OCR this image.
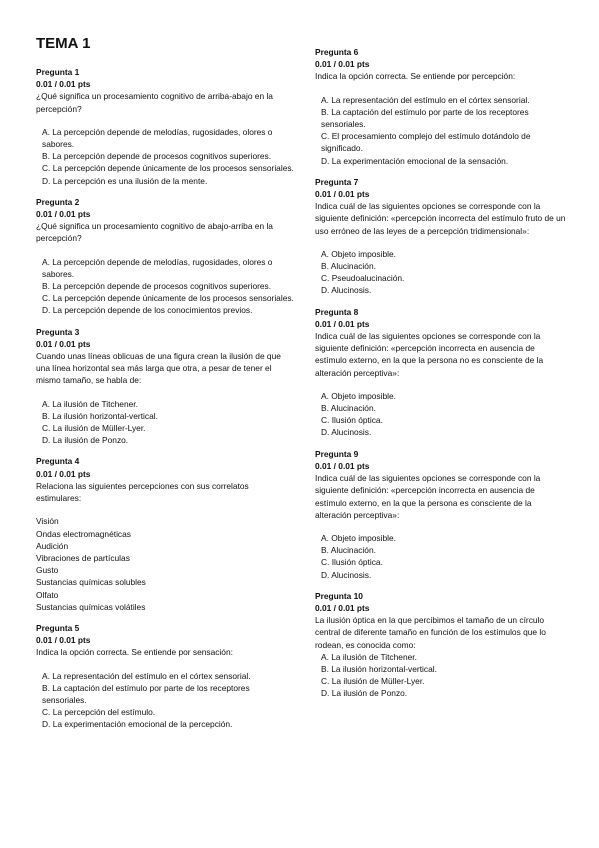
TEMA 1
Pregunta 1
0.01 / 0.01 pts
¿Qué significa un procesamiento cognitivo de arriba-abajo en la percepción?
A. La percepción depende de melodías, rugosidades, olores o sabores.
B. La percepción depende de procesos cognitivos superiores.
C. La percepción depende únicamente de los procesos sensoriales.
D. La percepción es una ilusión de la mente.
Pregunta 2
0.01 / 0.01 pts
¿Qué significa un procesamiento cognitivo de abajo-arriba en la percepción?
A. La percepción depende de melodías, rugosidades, olores o sabores.
B. La percepción depende de procesos cognitivos superiores.
C. La percepción depende únicamente de los procesos sensoriales.
D. La percepción depende de los conocimientos previos.
Pregunta 3
0.01 / 0.01 pts
Cuando unas líneas oblicuas de una figura crean la ilusión de que una línea horizontal sea más larga que otra, a pesar de tener el mismo tamaño, se habla de:
A. La ilusión de Titchener.
B. La ilusión horizontal-vertical.
C. La ilusión de Müller-Lyer.
D. La ilusión de Ponzo.
Pregunta 4
0.01 / 0.01 pts
Relaciona las siguientes percepciones con sus correlatos estimulares:
Visión
Ondas electromagnéticas
Audición
Vibraciones de partículas
Gusto
Sustancias químicas solubles
Olfato
Sustancias químicas volátiles
Pregunta 5
0.01 / 0.01 pts
Indica la opción correcta. Se entiende por sensación:
A. La representación del estímulo en el córtex sensorial.
B. La captación del estímulo por parte de los receptores sensoriales.
C. La percepción del estímulo.
D. La experimentación emocional de la percepción.
Pregunta 6
0.01 / 0.01 pts
Indica la opción correcta. Se entiende por percepción:
A. La representación del estímulo en el córtex sensorial.
B. La captación del estímulo por parte de los receptores sensoriales.
C. El procesamiento complejo del estímulo dotándolo de significado.
D. La experimentación emocional de la sensación.
Pregunta 7
0.01 / 0.01 pts
Indica cuál de las siguientes opciones se corresponde con la siguiente definición: «percepción incorrecta del estímulo fruto de un uso erróneo de las leyes de a percepción tridimensional»:
A. Objeto imposible.
B. Alucinación.
C. Pseudoalucinación.
D. Alucinosis.
Pregunta 8
0.01 / 0.01 pts
Indica cuál de las siguientes opciones se corresponde con la siguiente definición: «percepción incorrecta en ausencia de estímulo externo, en la que la persona no es consciente de la alteración perceptiva»:
A. Objeto imposible.
B. Alucinación.
C. Ilusión óptica.
D. Alucinosis.
Pregunta 9
0.01 / 0.01 pts
Indica cuál de las siguientes opciones se corresponde con la siguiente definición: «percepción incorrecta en ausencia de estímulo externo, en la que la persona es consciente de la alteración perceptiva»:
A. Objeto imposible.
B. Alucinación.
C. Ilusión óptica.
D. Alucinosis.
Pregunta 10
0.01 / 0.01 pts
La ilusión óptica en la que percibimos el tamaño de un círculo central de diferente tamaño en función de los estímulos que lo rodean, es conocida como:
A. La ilusión de Titchener.
B. La ilusión horizontal-vertical.
C. La ilusión de Müller-Lyer.
D. La ilusión de Ponzo.
